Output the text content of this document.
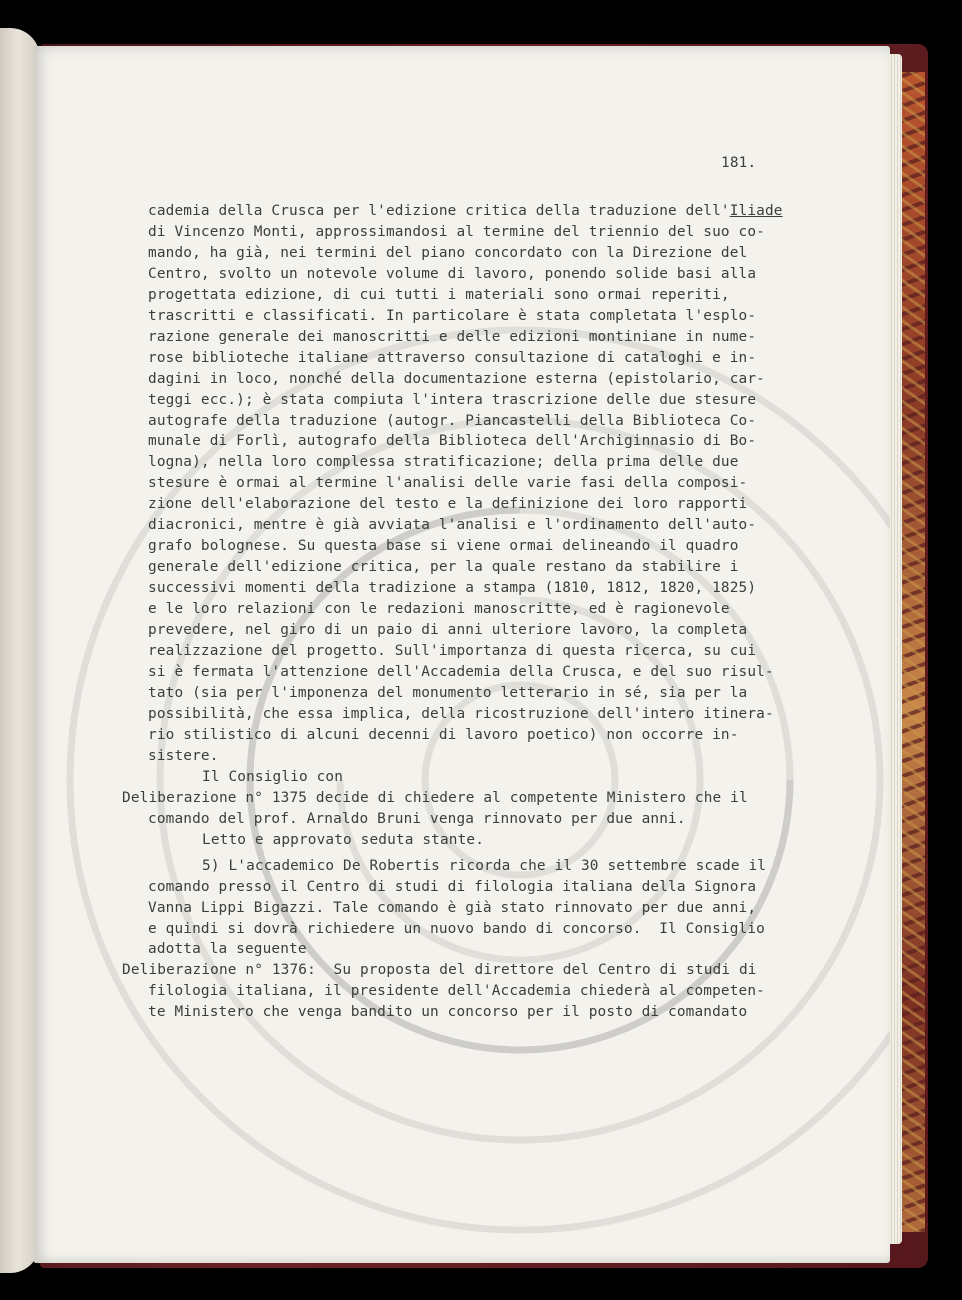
181.
cademia della Crusca per l'edizione critica della traduzione dell'Iliade
di Vincenzo Monti, approssimandosi al termine del triennio del suo co-
mando, ha già, nei termini del piano concordato con la Direzione del
Centro, svolto un notevole volume di lavoro, ponendo solide basi alla
progettata edizione, di cui tutti i materiali sono ormai reperiti,
trascritti e classificati. In particolare è stata completata l'esplo-
razione generale dei manoscritti e delle edizioni montiniane in nume-
rose biblioteche italiane attraverso consultazione di cataloghi e in-
dagini in loco, nonché della documentazione esterna (epistolario, car-
teggi ecc.); è stata compiuta l'intera trascrizione delle due stesure
autografe della traduzione (autogr. Piancastelli della Biblioteca Co-
munale di Forlì, autografo della Biblioteca dell'Archiginnasio di Bo-
logna), nella loro complessa stratificazione; della prima delle due
stesure è ormai al termine l'analisi delle varie fasi della composi-
zione dell'elaborazione del testo e la definizione dei loro rapporti
diacronici, mentre è già avviata l'analisi e l'ordinamento dell'auto-
grafo bolognese. Su questa base si viene ormai delineando il quadro
generale dell'edizione critica, per la quale restano da stabilire i
successivi momenti della tradizione a stampa (1810, 1812, 1820, 1825)
e le loro relazioni con le redazioni manoscritte, ed è ragionevole
prevedere, nel giro di un paio di anni ulteriore lavoro, la completa
realizzazione del progetto. Sull'importanza di questa ricerca, su cui
si è fermata l'attenzione dell'Accademia della Crusca, e del suo risul-
tato (sia per l'imponenza del monumento letterario in sé, sia per la
possibilità, che essa implica, della ricostruzione dell'intero itinera-
rio stilistico di alcuni decenni di lavoro poetico) non occorre in-
sistere.
Il Consiglio con
Deliberazione n° 1375 decide di chiedere al competente Ministero che il
comando del prof. Arnaldo Bruni venga rinnovato per due anni.
Letto e approvato seduta stante.
5) L'accademico De Robertis ricorda che il 30 settembre scade il
comando presso il Centro di studi di filologia italiana della Signora
Vanna Lippi Bigazzi. Tale comando è già stato rinnovato per due anni,
e quindi si dovrà richiedere un nuovo bando di concorso.  Il Consiglio
adotta la seguente
Deliberazione n° 1376:  Su proposta del direttore del Centro di studi di
filologia italiana, il presidente dell'Accademia chiederà al competen-
te Ministero che venga bandito un concorso per il posto di comandato
